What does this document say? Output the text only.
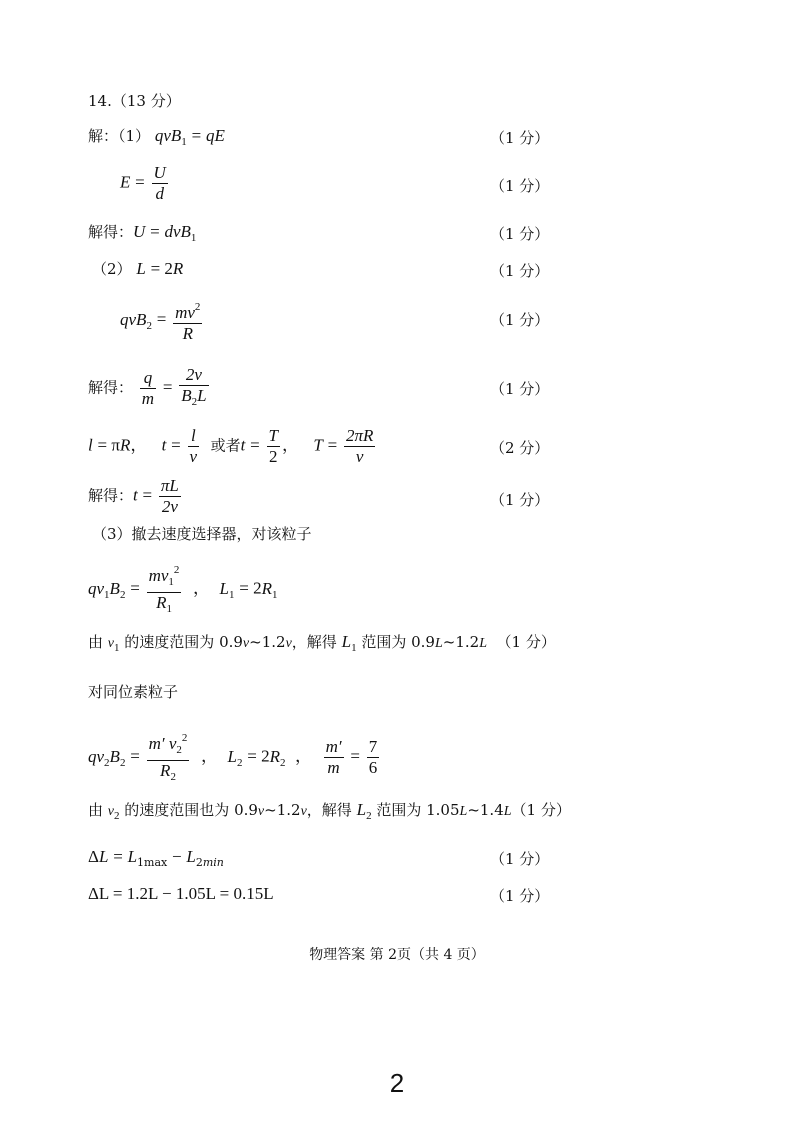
14.（13 分）
解：（1） qvB$_1$ = qE	（1 分）
$E = \frac{U}{d}$	（1 分）
解得：U = dvB$_1$	（1 分）
（2） L = 2R	（1 分）
$qvB_2 = \frac{mv^2}{R}$	（1 分）
解得： $\frac{q}{m} = \frac{2v}{B_2L}$	（1 分）
l = πR， $t = \frac{l}{v}$ 或者$t = \frac{T}{2}$ ， $T = \frac{2\pi R}{v}$	（2 分）
解得：$t = \frac{\pi L}{2v}$	（1 分）
（3）撤去速度选择器，对该粒子
$qv_1B_2 = \frac{mv_1^2}{R_1}$ ， $L_1 = 2R_1$
由 $v_1$ 的速度范围为 0.9v~1.2v，解得 $L_1$ 范围为 0.9L~1.2L （1 分）
对同位素粒子
$qv_2B_2 = \frac{m' v_2^2}{R_2}$ ， $L_2 = 2R_2$ ， $\frac{m'}{m} = \frac{7}{6}$
由 $v_2$ 的速度范围也为 0.9v~1.2v，解得 $L_2$ 范围为 1.05L~1.4L（1 分）
$\Delta L = L_{1max} - L_{2min}$	（1 分）
ΔL = 1.2L − 1.05L = 0.15L	（1 分）
物理答案 第 2页（共 4 页）
2
